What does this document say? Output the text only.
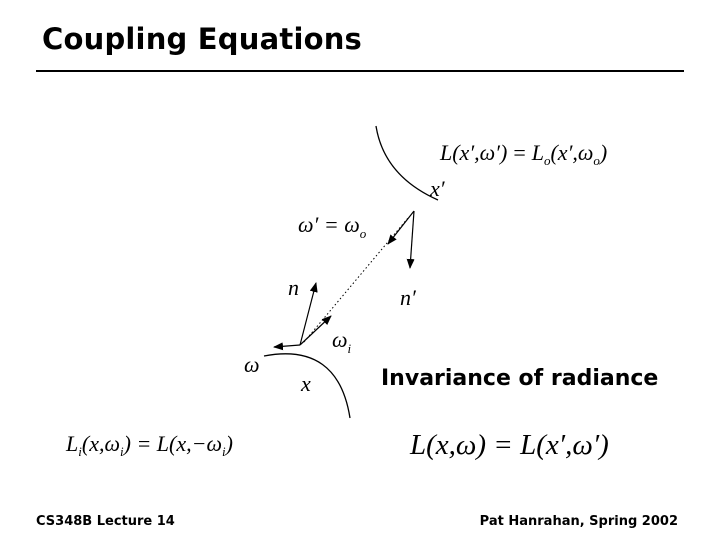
Coupling Equations
$L(x',\omega') = L_o(x',\omega_o)$
x′
$\omega' = \omega_o$
n′
n
$\omega_i$
ω
x
$L_i(x,\omega_i) = L(x,-\omega_i)$	L(x,ω) = L(x′,ω′)
Invariance of radiance
CS348B Lecture 14	Pat Hanrahan, Spring 2002
